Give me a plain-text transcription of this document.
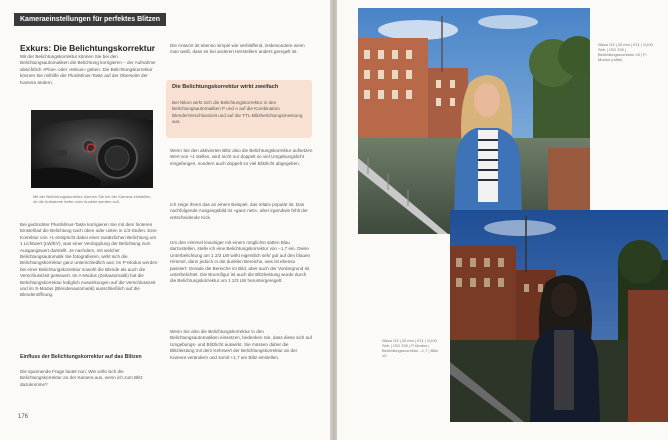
Kameraeinstellungen für perfektes Blitzen
Exkurs: Die Belichtungskorrektur
Mit der Belichtungskorrektur können Sie bei den Belichtungsautomatiken die Belichtung korrigieren – der Aufnahme absichtlich »Plus« oder »Minus« geben. Die Belichtungskorrektur können Sie mithilfe der Plus/Minus-Taste auf der Oberseite der Kamera ändern.
Mit der Belichtungskorrektur können Sie bei der Kamera einstellen, ob die Aufnahme heller oder dunkler werden soll.
Bei gedrückter Plus/Minus-Taste korrigieren Sie mit dem hinteren Einstellrad die Belichtung nach oben oder unten in 1/3-Stufen. Eine Korrektur von +1 entspricht dabei einer zusätzlichen Belichtung um 1 Lichtwert (LW/EV), was einer Verdopplung der Belichtung zum Ausgangswert darstellt. Je nachdem, mit welcher Belichtungsautomatik Sie fotografieren, wirkt sich die Belichtungskorrektur ganz unterschiedlich aus: Im P-Modus werden bei einer Belichtungskorrektur sowohl die Blende als auch die Verschlusszeit gesteuert. Im A-Modus (Zeitautomatik) hat die Belichtungskorrektur lediglich Auswirkungen auf die Verschlusszeit und im S-Modus (Blendenautomatik) ausschließlich auf die Blendenöffnung.
Einfluss der Belichtungskorrektur auf das Blitzen
Die spannende Frage lautet nun: Wie wirkt sich die Belichtungskorrektur an der Kamera aus, wenn ich zum Blitz dazukomme?
176
Die Antwort ist ebenso simpel wie verblüffend, insbesondere wenn man weiß, dass es bei anderen Herstellern anders geregelt ist.
Die Belichtungskorrektur wirkt zweifach
Bei Nikon wirkt sich die Belichtungskorrektur in den Belichtungsautomatiken P und A auf die Kombination Blende/Verschlusszeit und auf die TTL-Blitzbelichtungsmessung aus.
Wenn Sie den aktivierten Blitz also die Belichtungskorrektur aufsetzen Wert von +1 stellen, wird nicht nur doppelt so viel Umgebungslicht eingefangen, sondern auch doppelt so viel Blitzlicht abgegeben.
Ich zeige Ihnen das an einem Beispiel, das relativ populär ist. Das nachfolgende Ausgangsbild ist »ganz nett«, aber irgendwie fehlt der entscheidende Kick.
Um den Himmel knackiger mit einem möglichst satten Blau darzustellen, stelle ich eine Belichtungskorrektur von –1,7 ein. Diese Unterbelichtung um 1 2/3 LW wirkt eigentlich sehr gut auf den blauen Himmel, dann jedoch in die dunklen Bereiche, was ist ebenso passiert: Gerade die Bereiche im Bild, aber auch der Vordergrund ist unterbelichtet. Die Brunnfigur ist auch die Blitzleistung wurde durch die Belichtungskorrektur um 1 2/3 LW heruntergeregelt.
Wenn Sie also die Belichtungskorrektur in den Belichtungsautomatiken einsetzen, bedenken Sie, dass diese sich auf Umgebungs- und Blitzlicht auswirkt. Sie müssen daher die Blitzleistung mit dem Kehrwert der Belichtungskorrektur an der Kamera verändern und somit +1,7 am Blitz einstellen.
Nikon D3 | 20 mm | f/11 | 1/100 Sek. | ISO 200 | Belichtungskorrektur ±0 | P-Modus (mitte)
Nikon D3 | 20 mm | f/11 | 1/100 Sek. | ISO 200 | P-Modus | Belichtungskorrektur –1,7 | Blitz ±0
